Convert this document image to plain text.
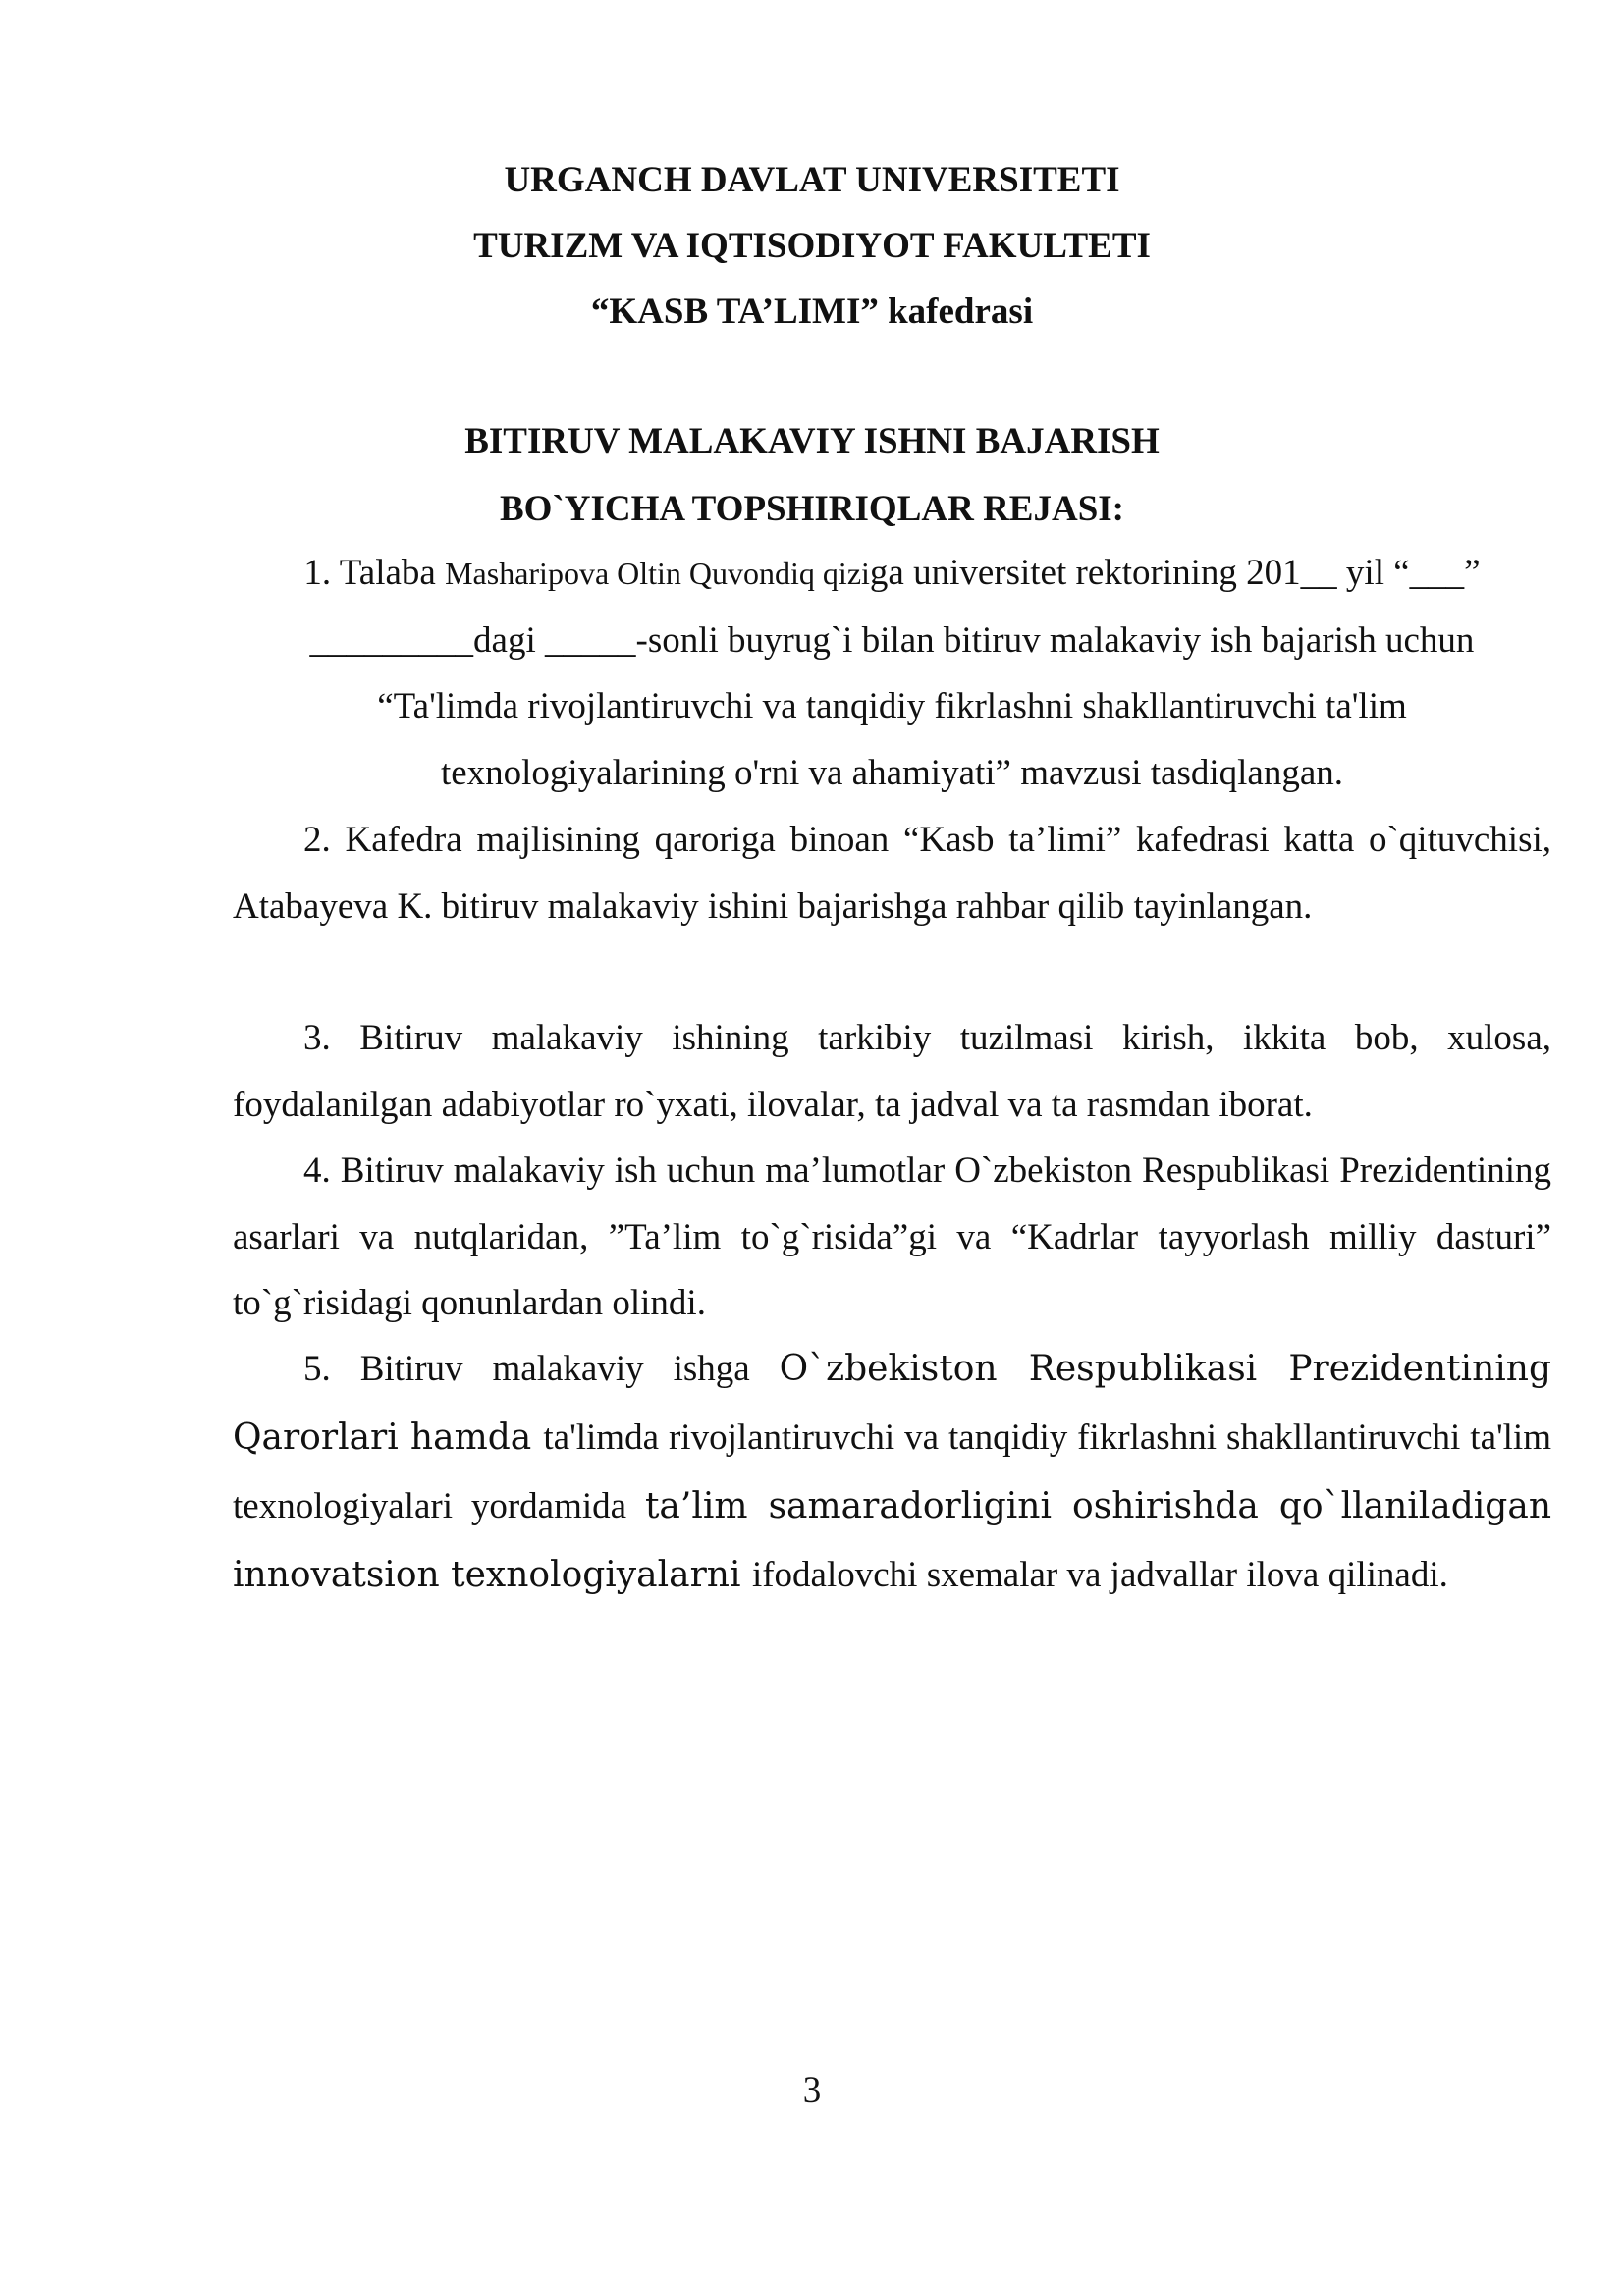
URGANCH DAVLAT UNIVERSITETI
TURIZM VA IQTISODIYOT FAKULTETI
“KASB TA’LIMI” kafedrasi
BITIRUV MALAKAVIY ISHNI BAJARISH
BO`YICHA TOPSHIRIQLAR REJASI:
1. Talaba Masharipova Oltin Quvondiq qiziga universitet rektorining 201__ yil “___”
_________dagi _____-sonli buyrug`i bilan bitiruv malakaviy ish bajarish uchun
“Ta'limda rivojlantiruvchi va tanqidiy fikrlashni shakllantiruvchi ta'lim
texnologiyalarining o'rni va ahamiyati” mavzusi tasdiqlangan.

2. Kafedra majlisining qaroriga binoan “Kasb ta’limi” kafedrasi katta o`qituvchisi, Atabayeva K. bitiruv malakaviy ishini bajarishga rahbar qilib tayinlangan.

3. Bitiruv malakaviy ishining tarkibiy tuzilmasi kirish, ikkita bob, xulosa, foydalanilgan adabiyotlar ro`yxati, ilovalar, ta jadval va ta rasmdan iborat.

4. Bitiruv malakaviy ish uchun ma’lumotlar O`zbekiston Respublikasi Prezidentining asarlari va nutqlaridan, ”Ta’lim to`g`risida”gi va “Kadrlar tayyorlash milliy dasturi” to`g`risidagi qonunlardan olindi.

5. Bitiruv malakaviy ishga O`zbekiston Respublikasi Prezidentining Qarorlari hamda ta'limda rivojlantiruvchi va tanqidiy fikrlashni shakllantiruvchi ta'lim texnologiyalari yordamida ta’lim samaradorligini oshirishda qo`llaniladigan innovatsion texnologiyalarni ifodalovchi sxemalar va jadvallar ilova qilinadi.

3
